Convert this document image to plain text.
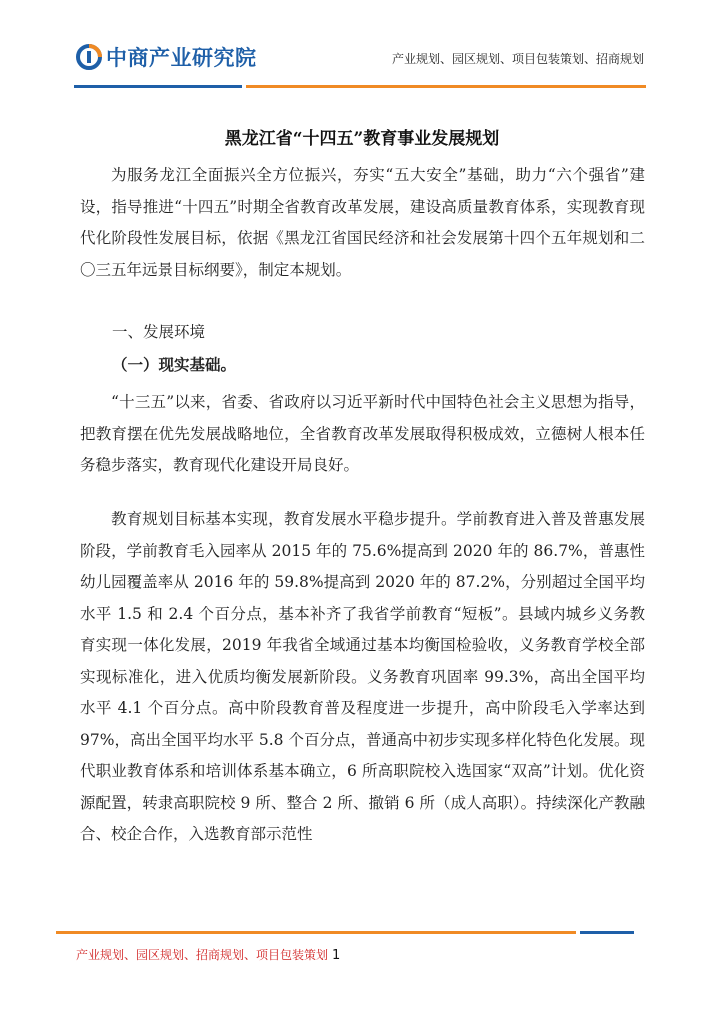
中商产业研究院	产业规划、园区规划、项目包装策划、招商规划
黑龙江省“十四五”教育事业发展规划

为服务龙江全面振兴全方位振兴，夯实“五大安全”基础，助力“六个强省”建设，指导推进“十四五”时期全省教育改革发展，建设高质量教育体系，实现教育现代化阶段性发展目标，依据《黑龙江省国民经济和社会发展第十四个五年规划和二〇三五年远景目标纲要》，制定本规划。

一、发展环境
（一）现实基础。

“十三五”以来，省委、省政府以习近平新时代中国特色社会主义思想为指导，把教育摆在优先发展战略地位，全省教育改革发展取得积极成效，立德树人根本任务稳步落实，教育现代化建设开局良好。

教育规划目标基本实现，教育发展水平稳步提升。学前教育进入普及普惠发展阶段，学前教育毛入园率从 2015 年的 75.6%提高到 2020 年的 86.7%，普惠性幼儿园覆盖率从 2016 年的 59.8%提高到 2020 年的 87.2%，分别超过全国平均水平 1.5 和 2.4 个百分点，基本补齐了我省学前教育“短板”。县域内城乡义务教育实现一体化发展，2019 年我省全域通过基本均衡国检验收，义务教育学校全部实现标准化，进入优质均衡发展新阶段。义务教育巩固率 99.3%，高出全国平均水平 4.1 个百分点。高中阶段教育普及程度进一步提升，高中阶段毛入学率达到 97%，高出全国平均水平 5.8 个百分点，普通高中初步实现多样化特色化发展。现代职业教育体系和培训体系基本确立，6 所高职院校入选国家“双高”计划。优化资源配置，转隶高职院校 9 所、整合 2 所、撤销 6 所（成人高职）。持续深化产教融合、校企合作，入选教育部示范性

产业规划、园区规划、招商规划、项目包装策划 1
